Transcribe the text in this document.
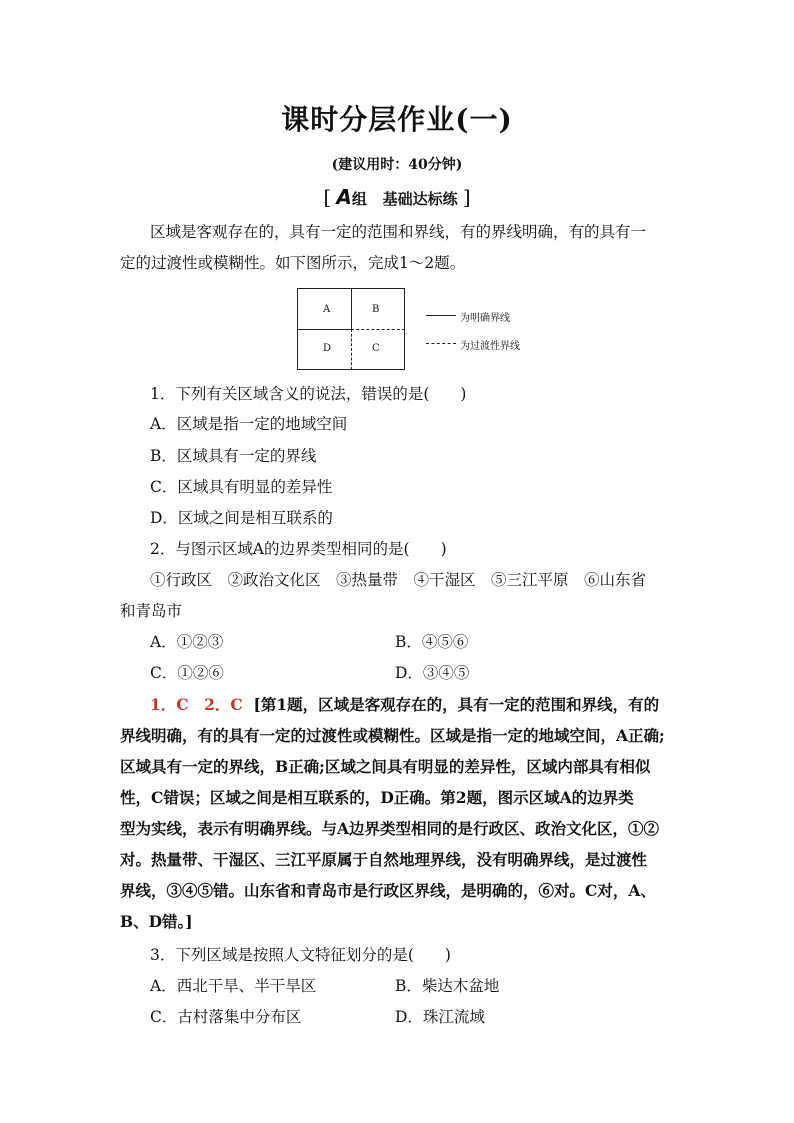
课时分层作业(一)
(建议用时：40分钟)
[ A组 基础达标练 ]
区域是客观存在的，具有一定的范围和界线，有的界线明确，有的具有一
定的过渡性或模糊性。如下图所示，完成1～2题。
A	B
D	C
为明确界线
为过渡性界线
1．下列有关区域含义的说法，错误的是(　　)
A．区域是指一定的地域空间
B．区域具有一定的界线
C．区域具有明显的差异性
D．区域之间是相互联系的
2．与图示区域A的边界类型相同的是(　　)
①行政区　②政治文化区　③热量带　④干湿区　⑤三江平原　⑥山东省
和青岛市
A．①②③	B．④⑤⑥
C．①②⑥	D．③④⑤
1．C　2．C [第1题，区域是客观存在的，具有一定的范围和界线，有的
界线明确，有的具有一定的过渡性或模糊性。区域是指一定的地域空间，A正确;
区域具有一定的界线，B正确;区域之间具有明显的差异性，区域内部具有相似
性，C错误；区域之间是相互联系的，D正确。第2题，图示区域A的边界类
型为实线，表示有明确界线。与A边界类型相同的是行政区、政治文化区，①②
对。热量带、干湿区、三江平原属于自然地理界线，没有明确界线，是过渡性
界线，③④⑤错。山东省和青岛市是行政区界线，是明确的，⑥对。C对，A、
B、D错。]
3．下列区域是按照人文特征划分的是(　　)
A．西北干旱、半干旱区	B．柴达木盆地
C．古村落集中分布区	D．珠江流域
